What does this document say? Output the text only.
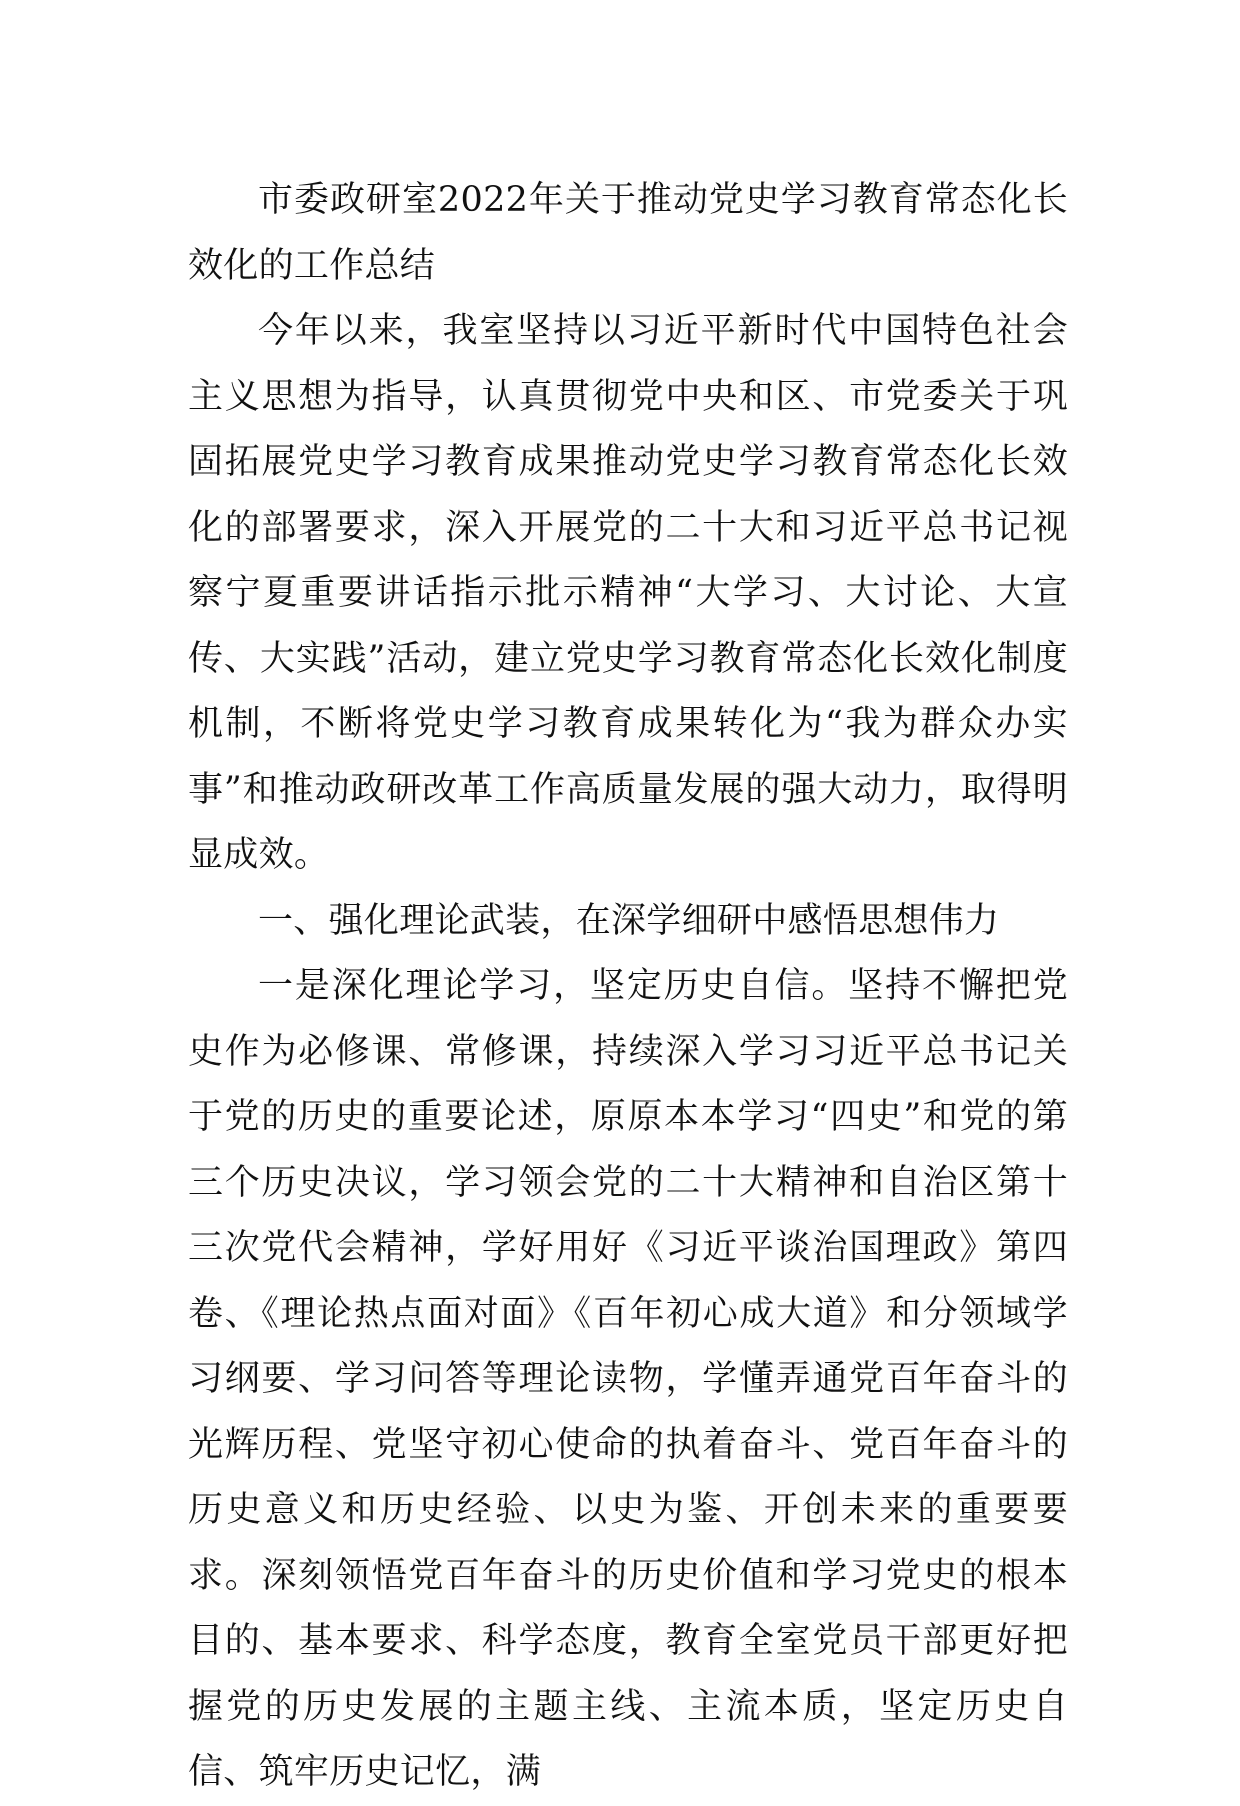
市委政研室2022年关于推动党史学习教育常态化长效化的工作总结

今年以来，我室坚持以习近平新时代中国特色社会主义思想为指导，认真贯彻党中央和区、市党委关于巩固拓展党史学习教育成果推动党史学习教育常态化长效化的部署要求，深入开展党的二十大和习近平总书记视察宁夏重要讲话指示批示精神“大学习、大讨论、大宣传、大实践”活动，建立党史学习教育常态化长效化制度机制，不断将党史学习教育成果转化为“我为群众办实事”和推动政研改革工作高质量发展的强大动力，取得明显成效。

一、强化理论武装，在深学细研中感悟思想伟力

一是深化理论学习，坚定历史自信。坚持不懈把党史作为必修课、常修课，持续深入学习习近平总书记关于党的历史的重要论述，原原本本学习“四史”和党的第三个历史决议，学习领会党的二十大精神和自治区第十三次党代会精神，学好用好《习近平谈治国理政》第四卷、《理论热点面对面》《百年初心成大道》和分领域学习纲要、学习问答等理论读物，学懂弄通党百年奋斗的光辉历程、党坚守初心使命的执着奋斗、党百年奋斗的历史意义和历史经验、以史为鉴、开创未来的重要要求。深刻领悟党百年奋斗的历史价值和学习党史的根本目的、基本要求、科学态度，教育全室党员干部更好把握党的历史发展的主题主线、主流本质，坚定历史自信、筑牢历史记忆，满
